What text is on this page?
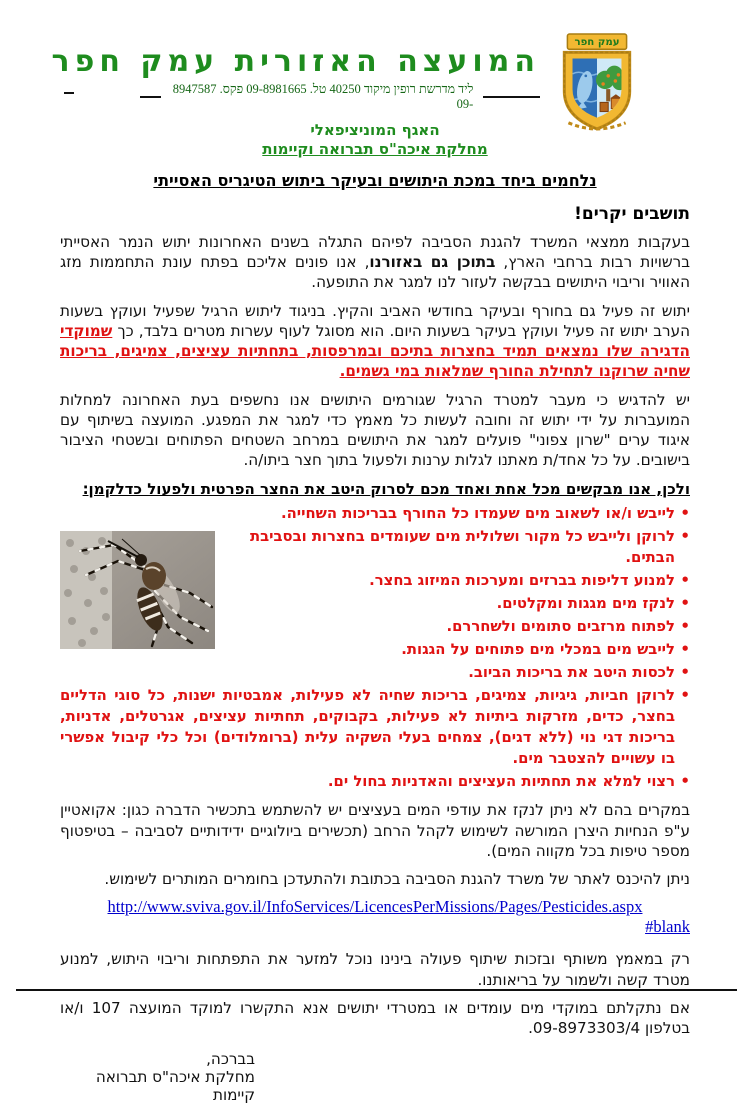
עמק חפר
המועצה האזורית עמק חפר
ליד מדרשת רופין מיקוד 40250 טל. 09-8981665 פקס. 8947587 -09
האגף המוניציפאלי
מחלקת איכה"ס תברואה וקיימות
נלחמים ביחד במכת היתושים ובעיקר ביתוש הטיגריס האסייתי
תושבים יקרים!

בעקבות ממצאי המשרד להגנת הסביבה לפיהם התגלה בשנים האחרונות יתוש הנמר האסייתי ברשויות רבות ברחבי הארץ, בתוכן גם באזורנו, אנו פונים אליכם בפתח עונת התחממות מזג האוויר וריבוי היתושים בבקשה לעזור לנו למגר את התופעה.

יתוש זה פעיל גם בחורף ובעיקר בחודשי האביב והקיץ. בניגוד ליתוש הרגיל שפעיל ועוקץ בשעות הערב יתוש זה פעיל ועוקץ בעיקר בשעות היום. הוא מסוגל לעוף עשרות מטרים בלבד, כך שמוקדי הדגירה שלו נמצאים תמיד בחצרות בתיכם ובמרפסות, בתחתיות עציצים, צמיגים, בריכות שחיה שרוקנו לתחילת החורף שמלאות במי גשמים.

יש להדגיש כי מעבר למטרד הרגיל שגורמים היתושים אנו נחשפים בעת האחרונה למחלות המועברות על ידי יתוש זה וחובה לעשות כל מאמץ כדי למגר את המפגע. המועצה בשיתוף עם איגוד ערים "שרון צפוני" פועלים למגר את היתושים במרחב השטחים הפתוחים ובשטחי הציבור בישובים. על כל אחד/ת מאתנו לגלות ערנות ולפעול בתוך חצר ביתו/ה.

ולכן, אנו מבקשים מכל אחת ואחד מכם לסרוק היטב את החצר הפרטית ולפעול כדלקמן:
• לייבש ו/או לשאוב מים שעמדו כל החורף בבריכות השחייה.
• לרוקן ולייבש כל מקור ושלולית מים שעומדים בחצרות ובסביבת הבתים.
• למנוע דליפות בברזים ומערכות המיזוג בחצר.
• לנקז מים מגגות ומקלטים.
• לפתוח מרזבים סתומים ולשחררם.
• לייבש מים במכלי מים פתוחים על הגגות.
• לכסות היטב את בריכות הביוב.
• לרוקן חביות, גיגיות, צמיגים, בריכות שחיה לא פעילות, אמבטיות ישנות, כל סוגי הדליים בחצר, כדים, מזרקות ביתיות לא פעילות, בקבוקים, תחתיות עציצים, אגרטלים, אדניות, בריכות דגי נוי (ללא דגים), צמחים בעלי השקיה עלית (ברומלודים) וכל כלי קיבול אפשרי בו עשויים להצטבר מים.
• רצוי למלא את תחתיות העציצים והאדניות בחול ים.

במקרים בהם לא ניתן לנקז את עודפי המים בעציצים יש להשתמש בתכשיר הדברה כגון: אקואטיין ע"פ הנחיות היצרן המורשה לשימוש לקהל הרחב (תכשירים ביולוגיים ידידותיים לסביבה – בטיפטוף מספר טיפות בכל מקווה המים).

ניתן להיכנס לאתר של משרד להגנת הסביבה בכתובת ולהתעדכן בחומרים המותרים לשימוש.

http://www.sviva.gov.il/InfoServices/LicencesPerMissions/Pages/Pesticides.aspx
#blank

רק במאמץ משותף ובזכות שיתוף פעולה בינינו נוכל למזער את התפתחות וריבוי היתוש, למנוע מטרד קשה ולשמור על בריאותנו.

אם נתקלתם במוקדי מים עומדים או במטרדי יתושים אנא התקשרו למוקד המועצה 107 ו/או בטלפון 09-8973303/4.

בברכה,
מחלקת איכה"ס תברואה קיימות
